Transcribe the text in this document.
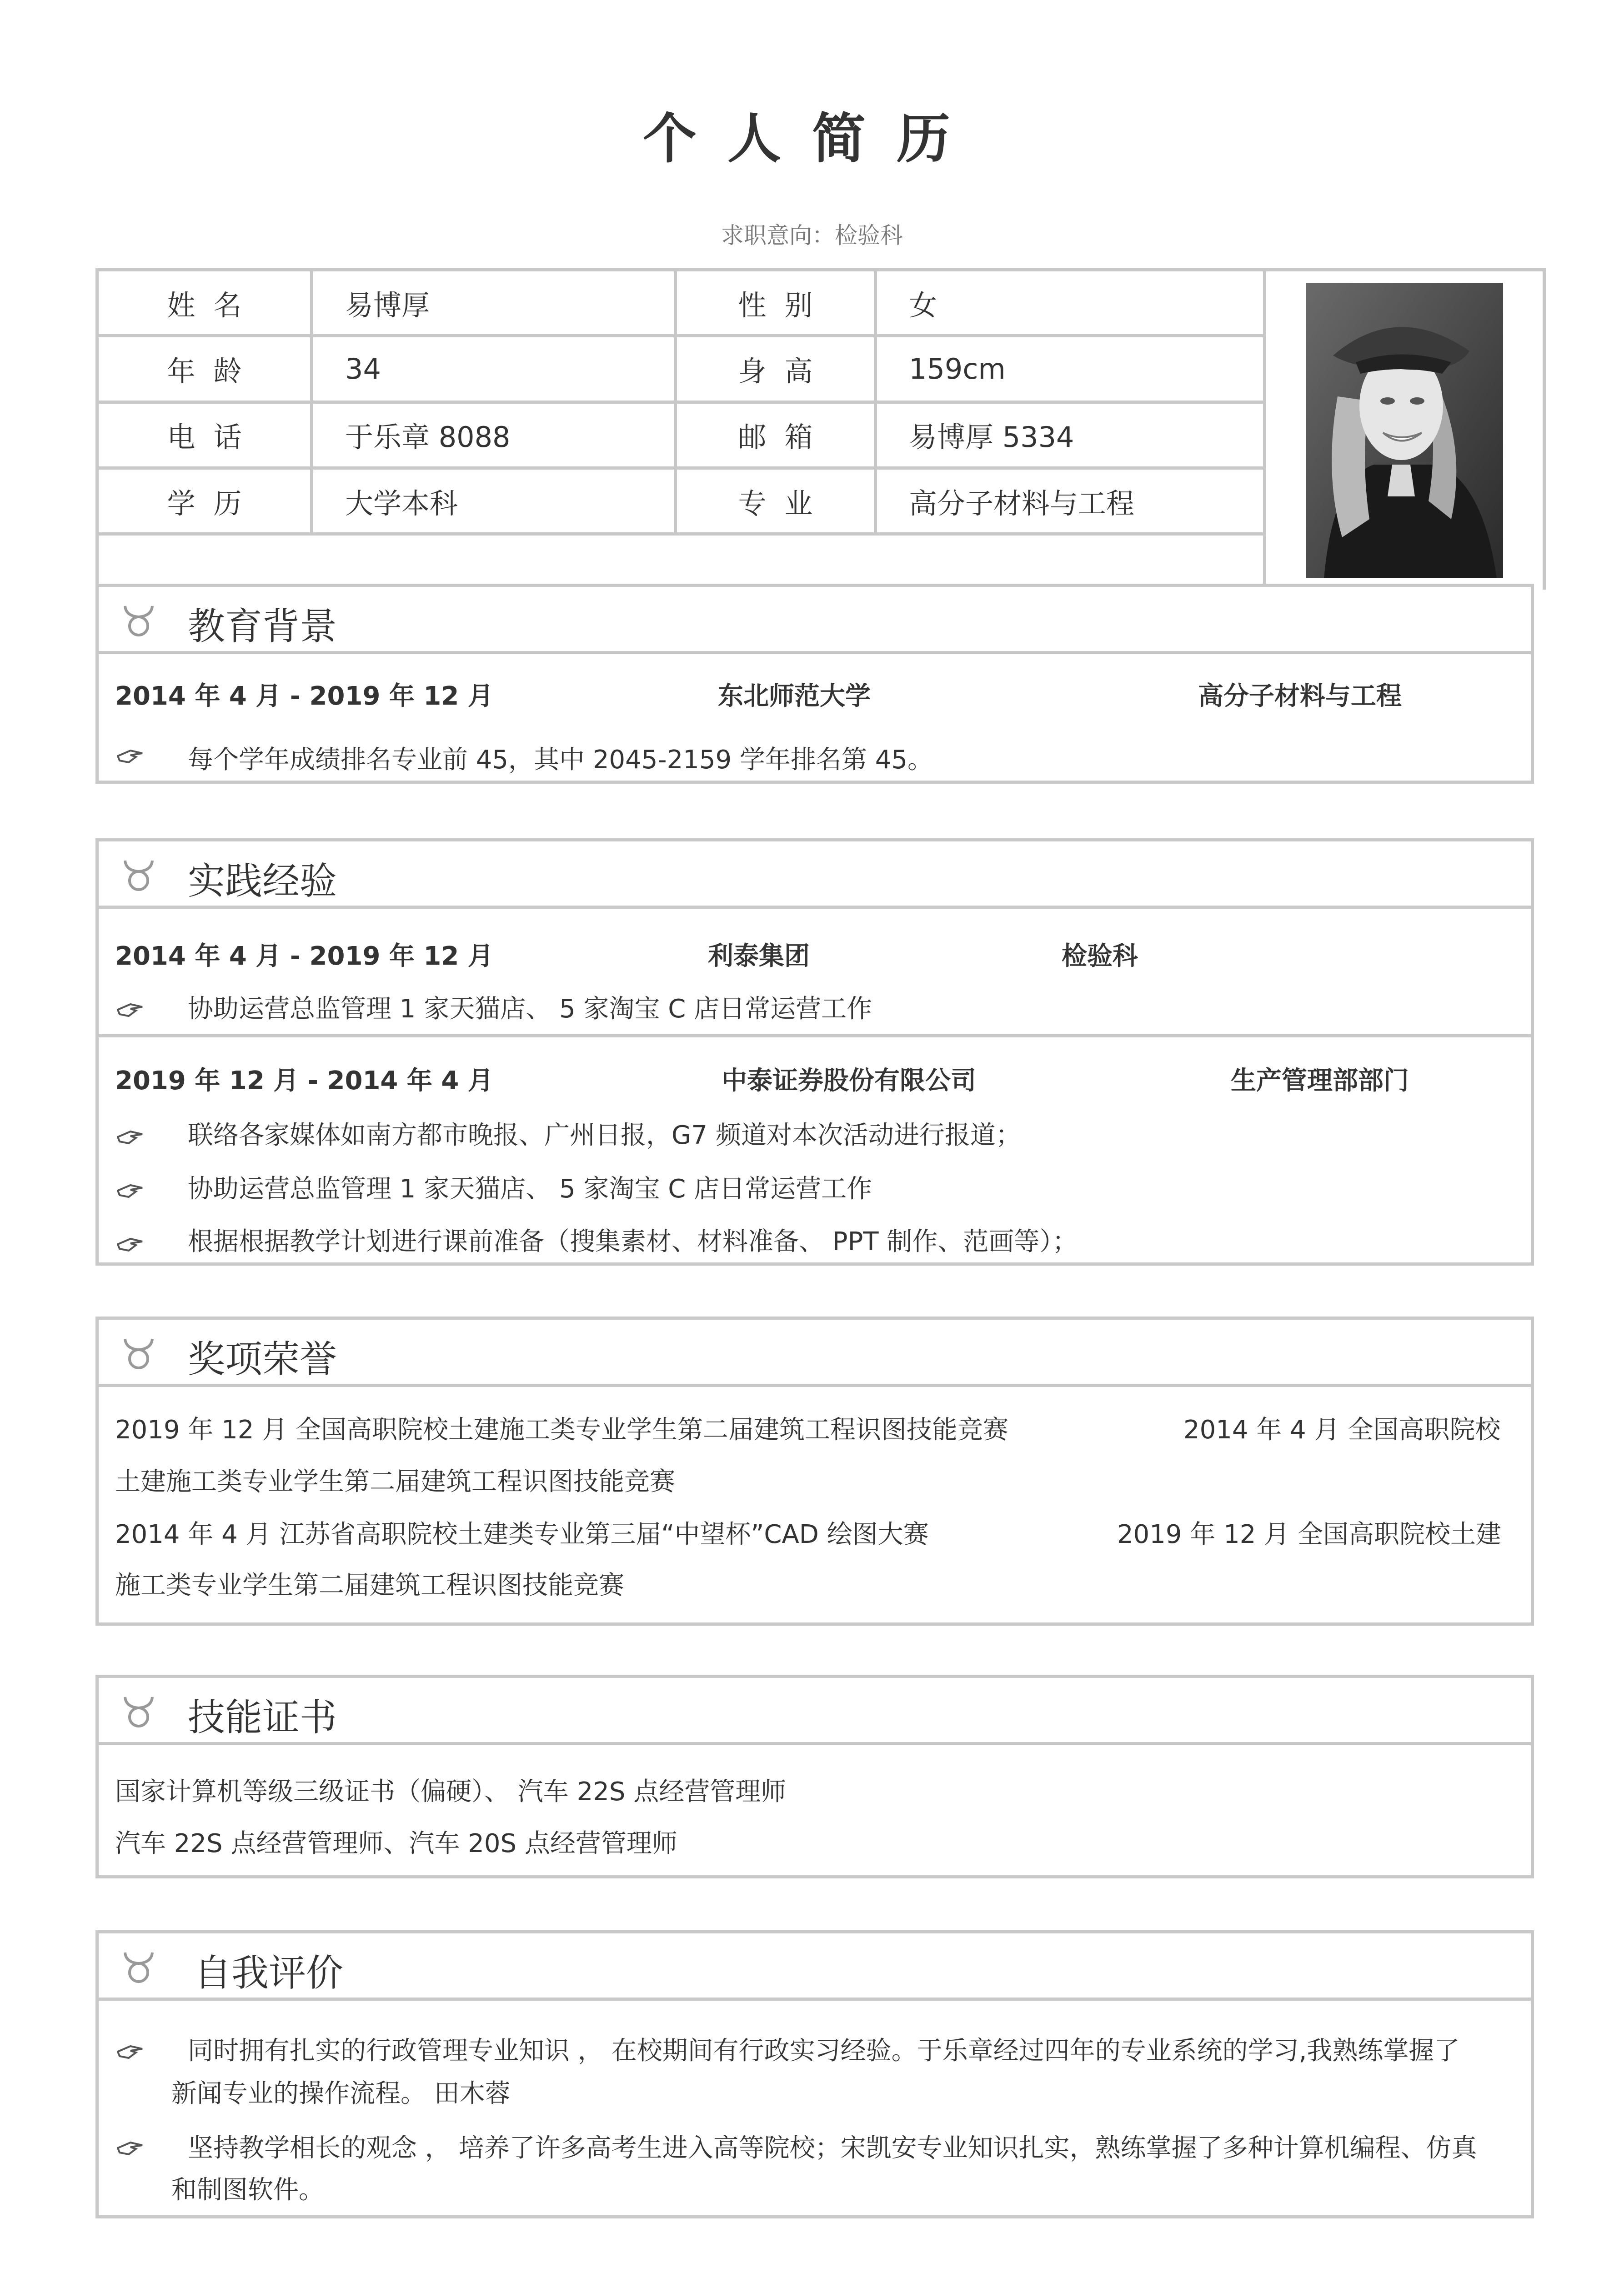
个人简历
求职意向：检验科
姓名	易博厚	性别	女	

年龄	34	身高	159cm	
电话	于乐章 8088	邮箱	易博厚 5334	
学历	大学本科	专业	高分子材料与工程	

教育背景
2014 年 4 月 - 2019 年 12 月	东北师范大学	高分子材料与工程
每个学年成绩排名专业前 45，其中 2045-2159 学年排名第 45。
实践经验
2014 年 4 月 - 2019 年 12 月	利泰集团	检验科
协助运营总监管理 1 家天猫店、 5 家淘宝 C 店日常运营工作
2019 年 12 月 - 2014 年 4 月	中泰证券股份有限公司	生产管理部部门
联络各家媒体如南方都市晚报、广州日报，G7 频道对本次活动进行报道；
协助运营总监管理 1 家天猫店、 5 家淘宝 C 店日常运营工作
根据根据教学计划进行课前准备（搜集素材、材料准备、 PPT 制作、范画等）；
奖项荣誉
2019 年 12 月 全国高职院校土建施工类专业学生第二届建筑工程识图技能竞赛	2014 年 4 月 全国高职院校
土建施工类专业学生第二届建筑工程识图技能竞赛
2014 年 4 月 江苏省高职院校土建类专业第三届“中望杯”CAD 绘图大赛	2019 年 12 月 全国高职院校土建
施工类专业学生第二届建筑工程识图技能竞赛
技能证书
国家计算机等级三级证书（偏硬）、 汽车 22S 点经营管理师
汽车 22S 点经营管理师、汽车 20S 点经营管理师
自我评价
同时拥有扎实的行政管理专业知识 ， 在校期间有行政实习经验。于乐章经过四年的专业系统的学习,我熟练掌握了
新闻专业的操作流程。 田木蓉
坚持教学相长的观念 ， 培养了许多高考生进入高等院校；宋凯安专业知识扎实，熟练掌握了多种计算机编程、仿真
和制图软件。
